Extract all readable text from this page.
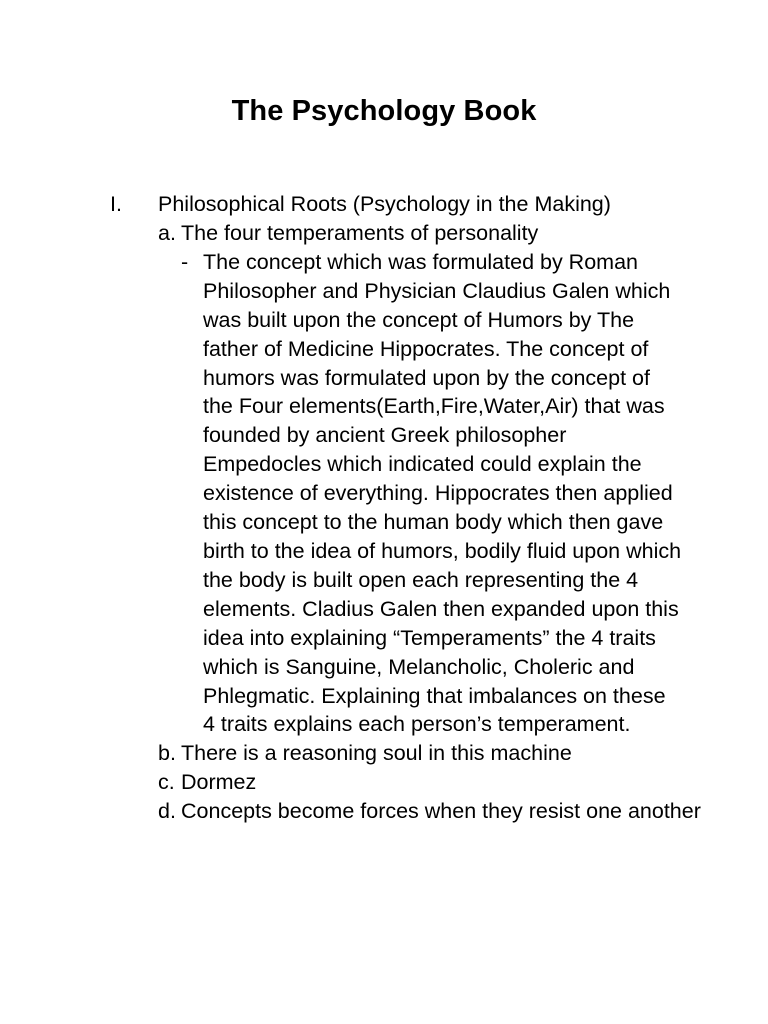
The Psychology Book
I. Philosophical Roots (Psychology in the Making)
a. The four temperaments of personality
- The concept which was formulated by Roman Philosopher and Physician Claudius Galen which was built upon the concept of Humors by The father of Medicine Hippocrates. The concept of humors was formulated upon by the concept of the Four elements(Earth,Fire,Water,Air) that was founded by ancient Greek philosopher Empedocles which indicated could explain the existence of everything. Hippocrates then applied this concept to the human body which then gave birth to the idea of humors, bodily fluid upon which the body is built open each representing the 4 elements. Cladius Galen then expanded upon this idea into explaining “Temperaments” the 4 traits which is Sanguine, Melancholic, Choleric and Phlegmatic. Explaining that imbalances on these 4 traits explains each person’s temperament.
b. There is a reasoning soul in this machine
c. Dormez
d. Concepts become forces when they resist one another
